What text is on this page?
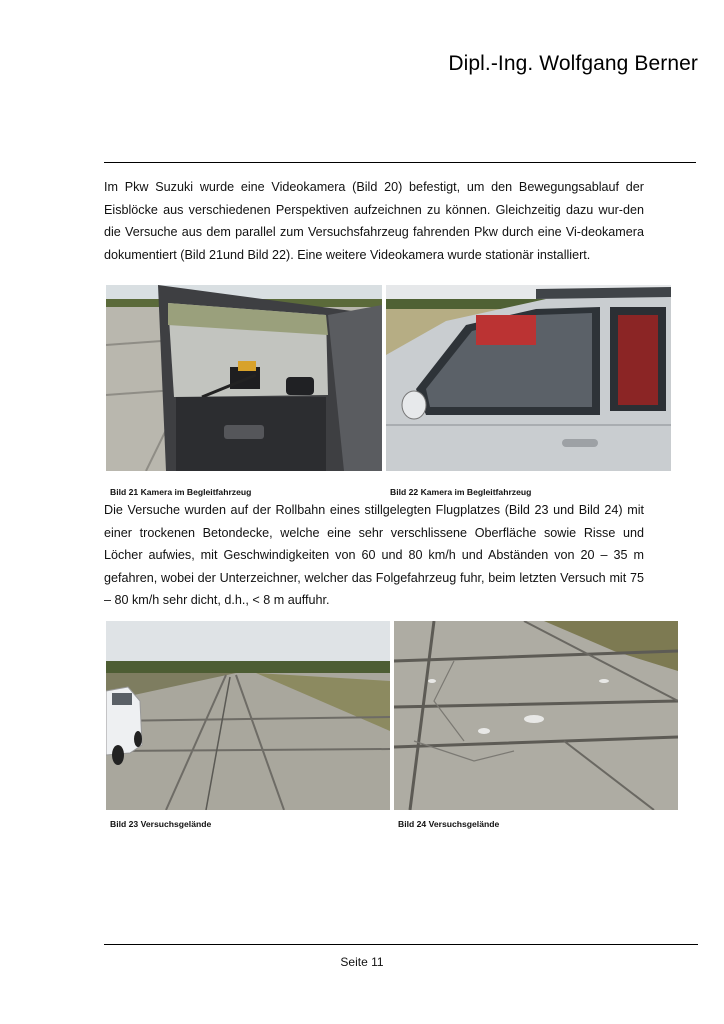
Dipl.-Ing. Wolfgang Berner

Im Pkw Suzuki wurde eine Videokamera (Bild 20) befestigt, um den Bewegungsablauf der Eisblöcke aus verschiedenen Perspektiven aufzeichnen zu können. Gleichzeitig dazu wur-den die Versuche aus dem parallel zum Versuchsfahrzeug fahrenden Pkw durch eine Vi-deokamera dokumentiert (Bild 21und Bild 22). Eine weitere Videokamera wurde stationär installiert.

Bild 21 Kamera im Begleitfahrzeug	Bild 22 Kamera im Begleitfahrzeug

Die Versuche wurden auf der Rollbahn eines stillgelegten Flugplatzes (Bild 23 und Bild 24) mit einer trockenen Betondecke, welche eine sehr verschlissene Oberfläche sowie Risse und Löcher aufwies, mit Geschwindigkeiten von 60 und 80 km/h und Abständen von 20 – 35 m gefahren, wobei der Unterzeichner, welcher das Folgefahrzeug fuhr, beim letzten Versuch mit 75 – 80 km/h sehr dicht, d.h., < 8 m auffuhr.

Bild 23 Versuchsgelände	Bild 24 Versuchsgelände
Seite 11
